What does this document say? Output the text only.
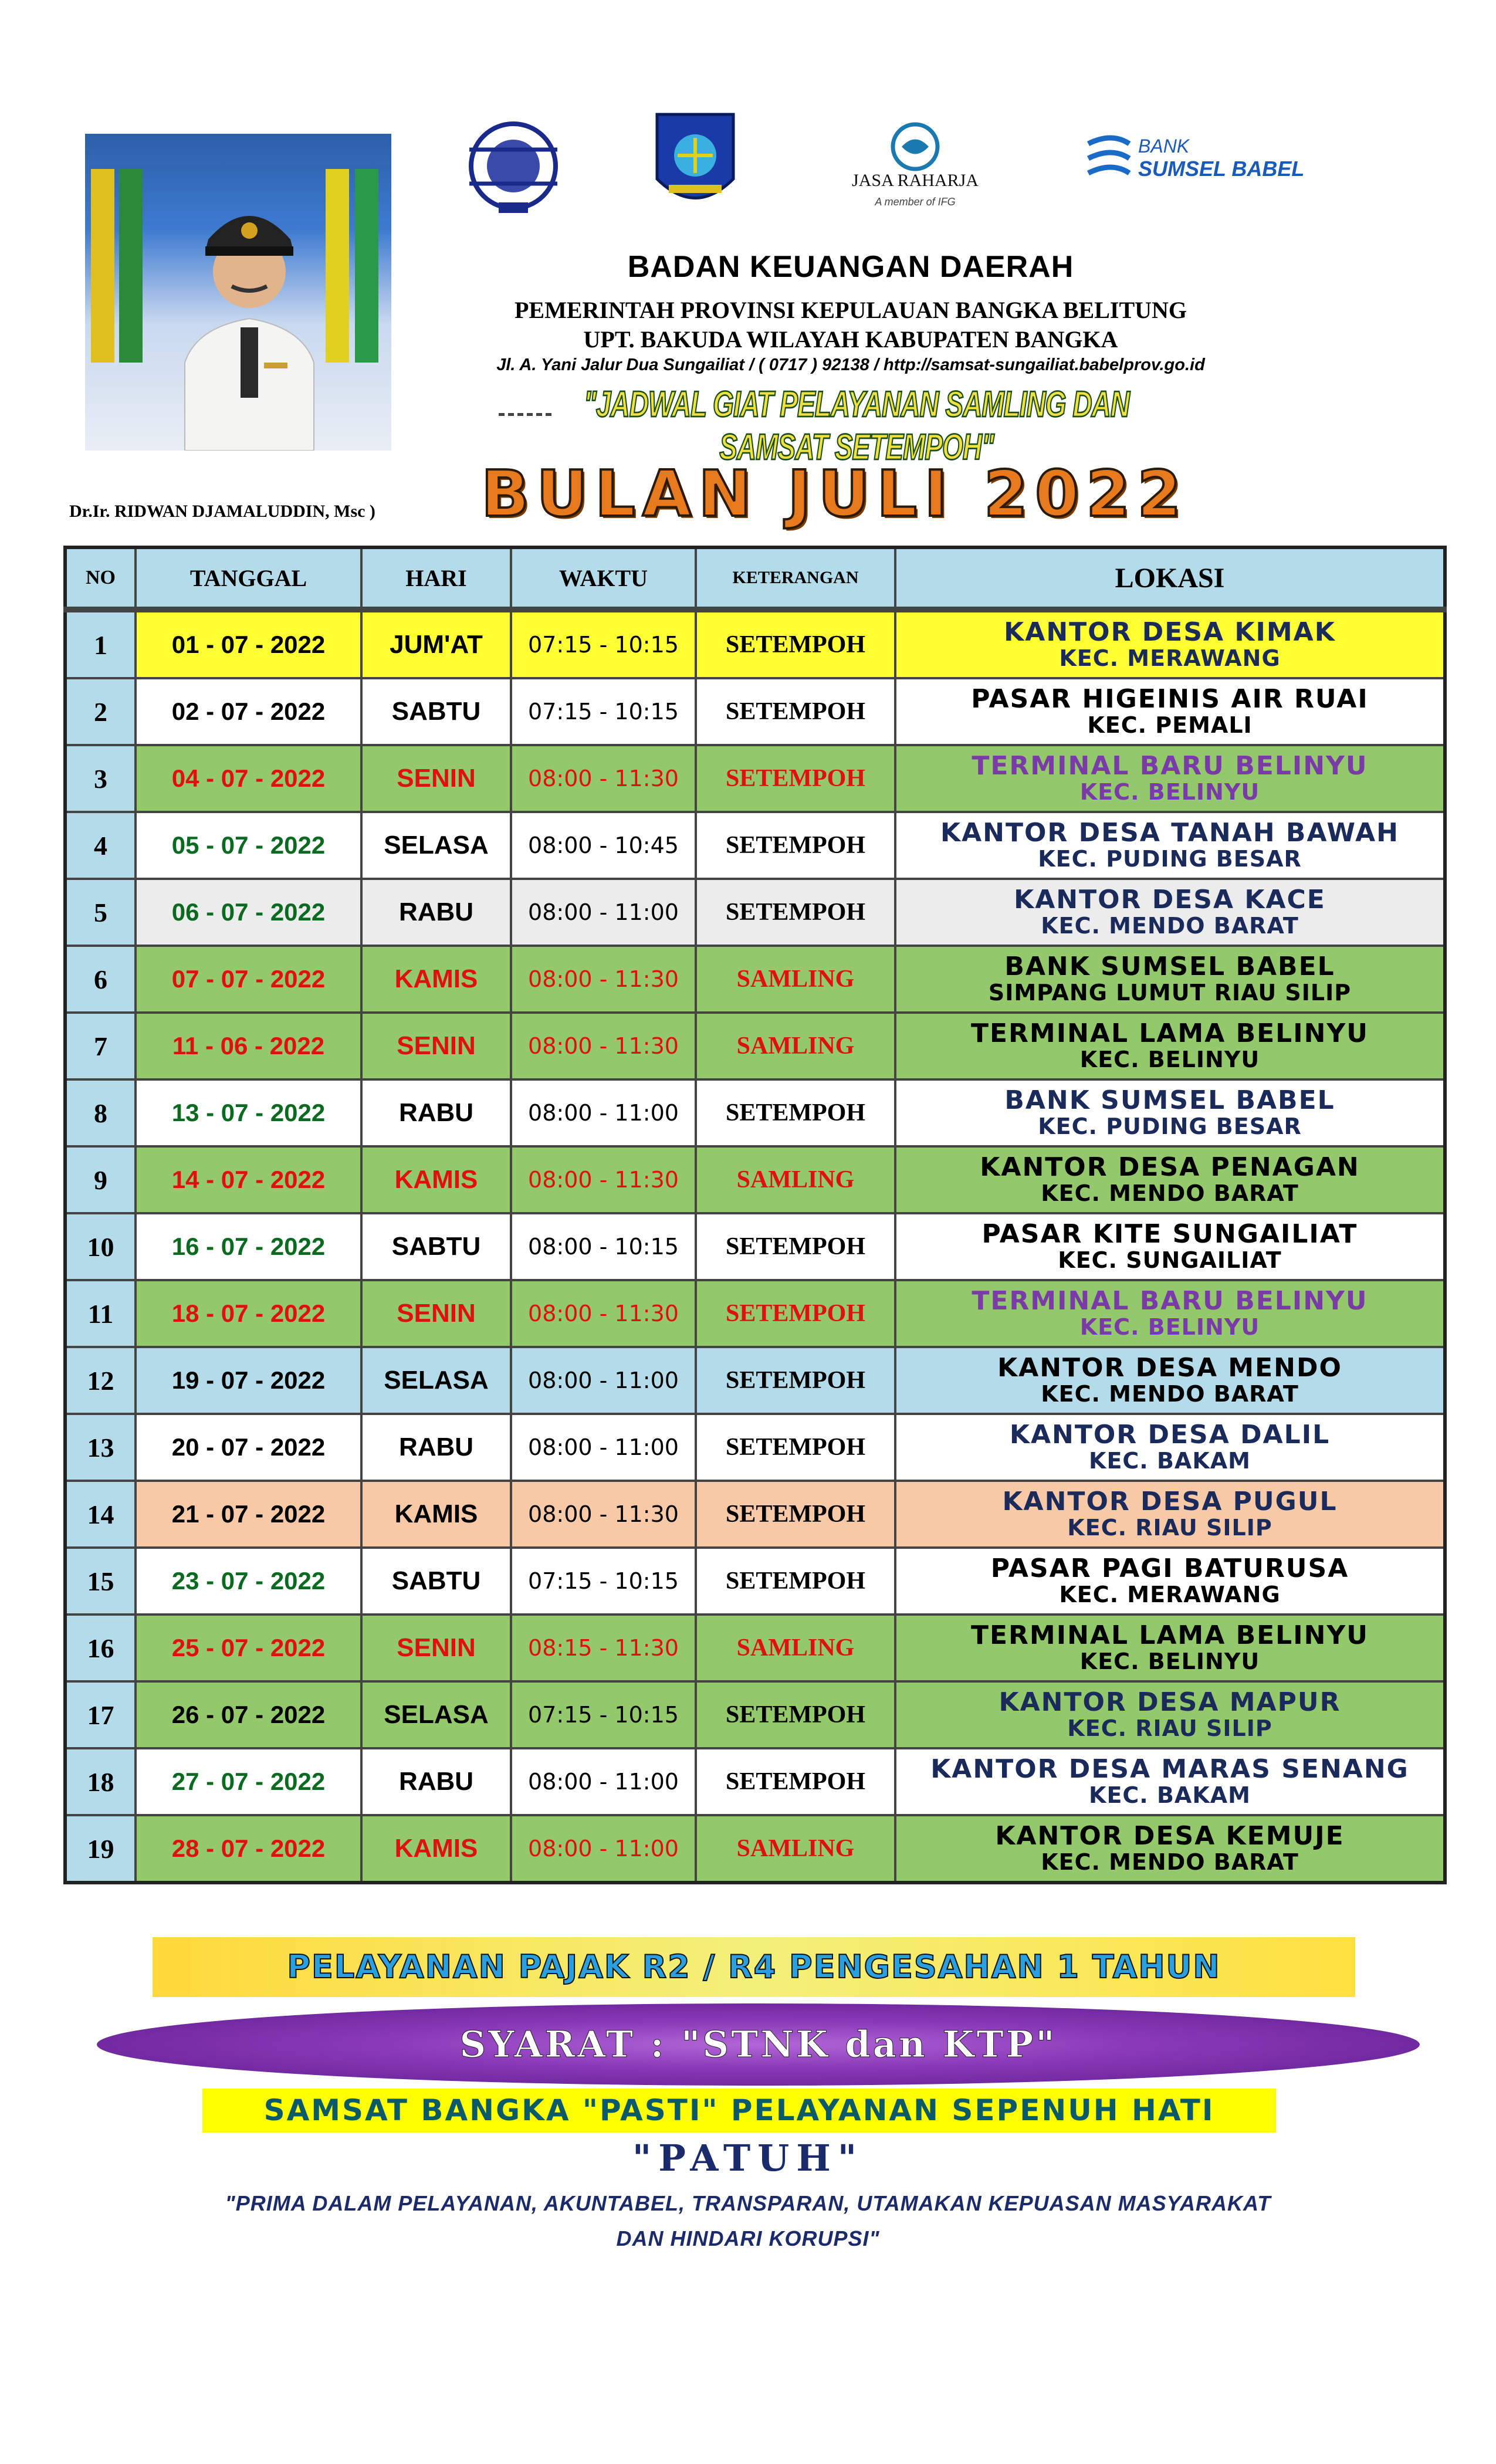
JASA RAHARJA
A member of IFG
BANK
SUMSEL BABEL
BADAN KEUANGAN DAERAH
PEMERINTAH PROVINSI KEPULAUAN BANGKA BELITUNG
UPT. BAKUDA WILAYAH KABUPATEN BANGKA
Jl. A. Yani Jalur Dua Sungailiat / ( 0717 ) 92138 / http://samsat-sungailiat.babelprov.go.id
"JADWAL GIAT PELAYANAN SAMLING DAN SAMSAT SETEMPOH"
Dr.Ir. RIDWAN DJAMALUDDIN, Msc ) BULAN JULI 2022
NO	TANGGAL	HARI	WAKTU	KETERANGAN	LOKASI
1	01 - 07 - 2022	JUM'AT	07:15 - 10:15	SETEMPOH	KANTOR DESA KIMAK
KEC. MERAWANG

2	02 - 07 - 2022	SABTU	07:15 - 10:15	SETEMPOH	PASAR HIGEINIS AIR RUAI
KEC. PEMALI

3	04 - 07 - 2022	SENIN	08:00 - 11:30	SETEMPOH	TERMINAL BARU BELINYU
KEC. BELINYU

4	05 - 07 - 2022	SELASA	08:00 - 10:45	SETEMPOH	KANTOR DESA TANAH BAWAH
KEC. PUDING BESAR

5	06 - 07 - 2022	RABU	08:00 - 11:00	SETEMPOH	KANTOR DESA KACE
KEC. MENDO BARAT

6	07 - 07 - 2022	KAMIS	08:00 - 11:30	SAMLING	BANK SUMSEL BABEL
SIMPANG LUMUT RIAU SILIP

7	11 - 06 - 2022	SENIN	08:00 - 11:30	SAMLING	TERMINAL LAMA BELINYU
KEC. BELINYU

8	13 - 07 - 2022	RABU	08:00 - 11:00	SETEMPOH	BANK SUMSEL BABEL
KEC. PUDING BESAR

9	14 - 07 - 2022	KAMIS	08:00 - 11:30	SAMLING	KANTOR DESA PENAGAN
KEC. MENDO BARAT

10	16 - 07 - 2022	SABTU	08:00 - 10:15	SETEMPOH	PASAR KITE SUNGAILIAT
KEC. SUNGAILIAT

11	18 - 07 - 2022	SENIN	08:00 - 11:30	SETEMPOH	TERMINAL BARU BELINYU
KEC. BELINYU

12	19 - 07 - 2022	SELASA	08:00 - 11:00	SETEMPOH	KANTOR DESA MENDO
KEC. MENDO BARAT

13	20 - 07 - 2022	RABU	08:00 - 11:00	SETEMPOH	KANTOR DESA DALIL
KEC. BAKAM

14	21 - 07 - 2022	KAMIS	08:00 - 11:30	SETEMPOH	KANTOR DESA PUGUL
KEC. RIAU SILIP

15	23 - 07 - 2022	SABTU	07:15 - 10:15	SETEMPOH	PASAR PAGI BATURUSA
KEC. MERAWANG

16	25 - 07 - 2022	SENIN	08:15 - 11:30	SAMLING	TERMINAL LAMA BELINYU
KEC. BELINYU

17	26 - 07 - 2022	SELASA	07:15 - 10:15	SETEMPOH	KANTOR DESA MAPUR
KEC. RIAU SILIP

18	27 - 07 - 2022	RABU	08:00 - 11:00	SETEMPOH	KANTOR DESA MARAS SENANG
KEC. BAKAM

19	28 - 07 - 2022	KAMIS	08:00 - 11:00	SAMLING	KANTOR DESA KEMUJE
KEC. MENDO BARAT
PELAYANAN PAJAK R2 / R4 PENGESAHAN 1 TAHUN
SYARAT : "STNK dan KTP"
SAMSAT BANGKA "PASTI" PELAYANAN SEPENUH HATI
"PATUH"
"PRIMA DALAM PELAYANAN, AKUNTABEL, TRANSPARAN, UTAMAKAN KEPUASAN MASYARAKAT
DAN HINDARI KORUPSI"
